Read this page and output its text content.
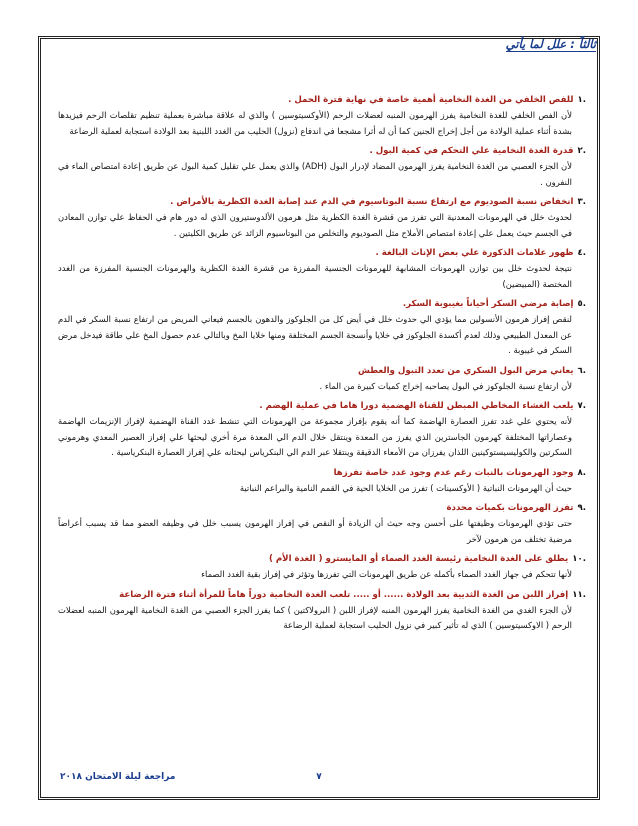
ثالثاً : علل لما يأتي
.١للفص الخلفي من الغدة النخامية أهمية خاصة في نهاية فترة الحمل .
لأن الفص الخلفي للغدة النخامية يفرز الهرمون المنبه لعضلات الرحم (الأوكسيتوسين ) والذي له علاقة مباشرة بعملية تنظيم تقلصات الرحم فيزيدها بشدة أثناء عملية الولادة من أجل إخراج الجنين كما أن له أثرا مشجعا في اندفاع (نزول) الحليب من الغدد اللبنية بعد الولادة استجابة لعملية الرضاعة
.٢قدرة الغدة النخامية علي التحكم في كمية البول .
لأن الجزء العصبي من الغدة النخامية يفرز الهرمون المضاد لإدرار البول (ADH) والذي يعمل علي تقليل كمية البول عن طريق إعادة امتصاص الماء في النفرون .
.٣انخفاض نسبة الصوديوم مع ارتفاع نسبة البوتاسيوم في الدم عند إصابة الغدة الكظرية بالأمراض .
لحدوث خلل في الهرمونات المعدنية التي تفرز من قشرة الغدة الكظرية مثل هرمون الألدوستيرون الذي له دور هام في الحفاظ علي توازن المعادن في الجسم حيث يعمل علي إعادة امتصاص الأملاح مثل الصوديوم والتخلص من البوتاسيوم الزائد عن طريق الكليتين .
.٤ظهور علامات الذكورة علي بعض الإناث البالغة .
نتيجة لحدوث خلل بين توازن الهرمونات المشابهة للهرمونات الجنسية المفرزة من قشرة الغدة الكظرية والهرمونات الجنسية المفرزة من الغدد المختصة (المبيضين)
.٥إصابة مرضي السكر أحياناً بغيبوبة السكر.
لنقص إفراز هرمون الأنسولين مما يؤدي الي حدوث خلل في أيض كل من الجلوكوز والدهون بالجسم فيعاني المريض من ارتفاع نسبة السكر في الدم عن المعدل الطبيعي وذلك لعدم أكسدة الجلوكوز في خلايا وأنسجة الجسم المختلفة ومنها خلايا المخ وبالتالي عدم حصول المخ علي طاقة فيدخل مرض السكر في غيبوبة .
.٦يعاني مرض البول السكري من تعدد التبول والعطش
لأن ارتفاع نسبة الجلوكوز في البول يصاحبه إخراج كميات كبيرة من الماء .
.٧يلعب الغشاء المخاطي المبطن للقناة الهضمية دورا هاما في عملية الهضم .
لأنه يحتوي علي غدد تفرز العصارة الهاضمة كما أنه يقوم بإفراز مجموعة من الهرمونات التي تنشط غدد القناة الهضمية لإفراز الإنزيمات الهاضمة وعصاراتها المختلفة كهرمون الجاسترين الذي يفرز من المعدة وينتقل خلال الدم الي المعدة مرة أخري ليحثها علي إفراز العصير المعدي وهرموني السكرتين والكوليسيستوكينين اللذان يفرزان من الأمعاء الدقيقة وينتقلا عبر الدم الي البنكرياس ليحثانه علي إفراز العصارة البنكرياسية .
.٨وجود الهرمونات بالنبات رغم عدم وجود غدد خاصة تفرزها
حيث أن الهرمونات النباتية ( الأوكسينات ) تفرز من الخلايا الحية في القمم النامية والبراعم النباتية
.٩تفرز الهرمونات بكميات محددة
حتى تؤدي الهرمونات وظيفتها على أحسن وجه حيث أن الزيادة أو النقص في إفراز الهرمون يسبب خلل في وظيفه العضو مما قد يسبب أعراضاً مرضية تختلف من هرمون لآخر
.١٠يطلق على الغدة النخامية رئيسة الغدد الصماء أو المايسترو ( الغدة الأم )
لأنها تتحكم في جهاز الغدد الصماء بأكمله عن طريق الهرمونات التي تفرزها وتؤثر في إفراز بقية الغدد الصماء
.١١إفراز اللبن من الغدة الثديية بعد الولادة ...... أو ..... تلعب الغدة النخامية دوراً هاماً للمرأة أثناء فترة الرضاعة
لأن الجزء الغدي من الغدة النخامية يفرز الهرمون المنبه لإفراز اللبن ( البرولاكتين ) كما يفرز الجزء العصبي من الغدة النخامية الهرمون المنبه لعضلات الرحم ( الاوكسيتوسين ) الذي له تأثير كبير في نزول الحليب استجابة لعملية الرضاعة
٧
مراجعة ليلة الامتحان ٢٠١٨
